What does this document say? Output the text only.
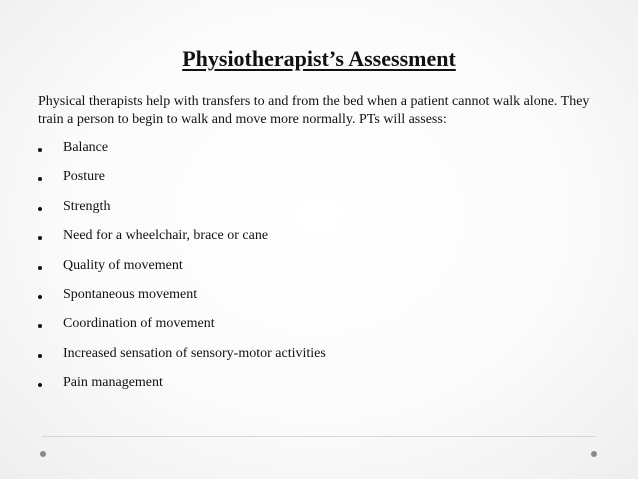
Physiotherapist’s Assessment
Physical therapists help with transfers to and from the bed when a patient cannot walk alone. They train a person to begin to walk and move more normally. PTs will assess:
Balance
Posture
Strength
Need for a wheelchair, brace or cane
Quality of movement
Spontaneous movement
Coordination of movement
Increased sensation of sensory-motor activities
Pain management
